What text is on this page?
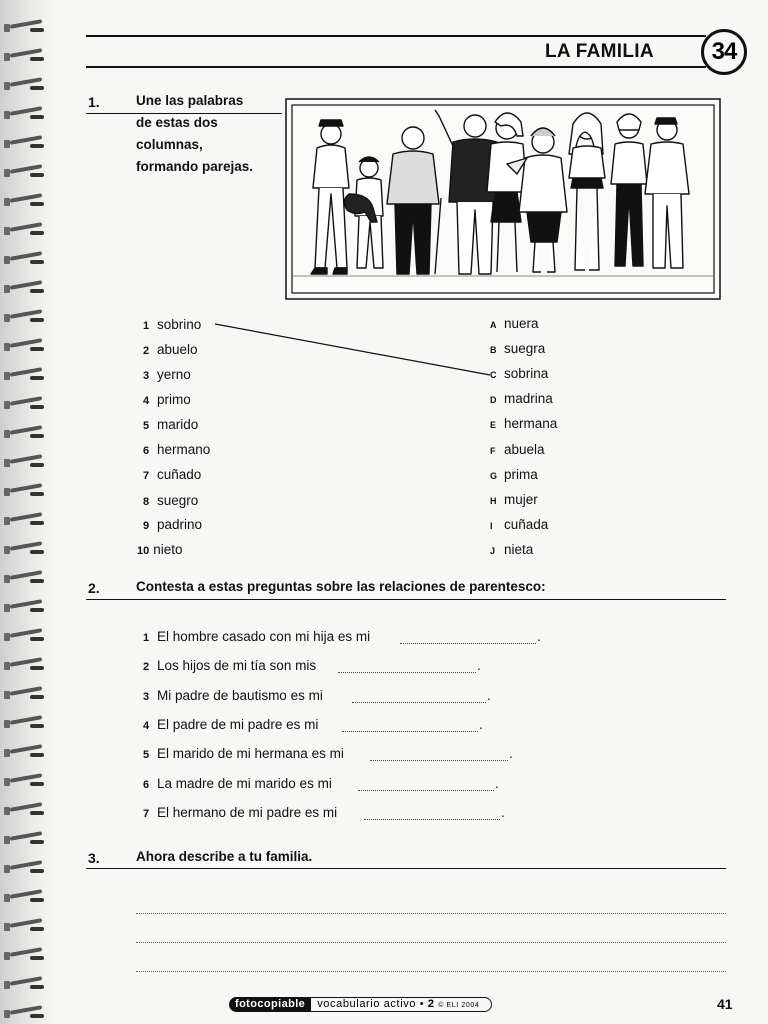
LA FAMILIA	34
1.	Une las palabras
de estas dos
columnas,
formando parejas.
1 sobrino
2 abuelo
3 yerno
4 primo
5 marido
6 hermano
7 cuñado
8 suegro
9 padrino
10 nieto
A nuera
B suegra
C sobrina
D madrina
E hermana
F abuela
G prima
H mujer
I cuñada
J nieta
2.	Contesta a estas preguntas sobre las relaciones de parentesco:
1 El hombre casado con mi hija es mi	.
2 Los hijos de mi tía son mis	.
3 Mi padre de bautismo es mi	.
4 El padre de mi padre es mi	.
5 El marido de mi hermana es mi	.
6 La madre de mi marido es mi	.
7 El hermano de mi padre es mi	.
3.	Ahora describe a tu familia.
fotocopiable	vocabulario activo • 2 © ELI 2004	41
